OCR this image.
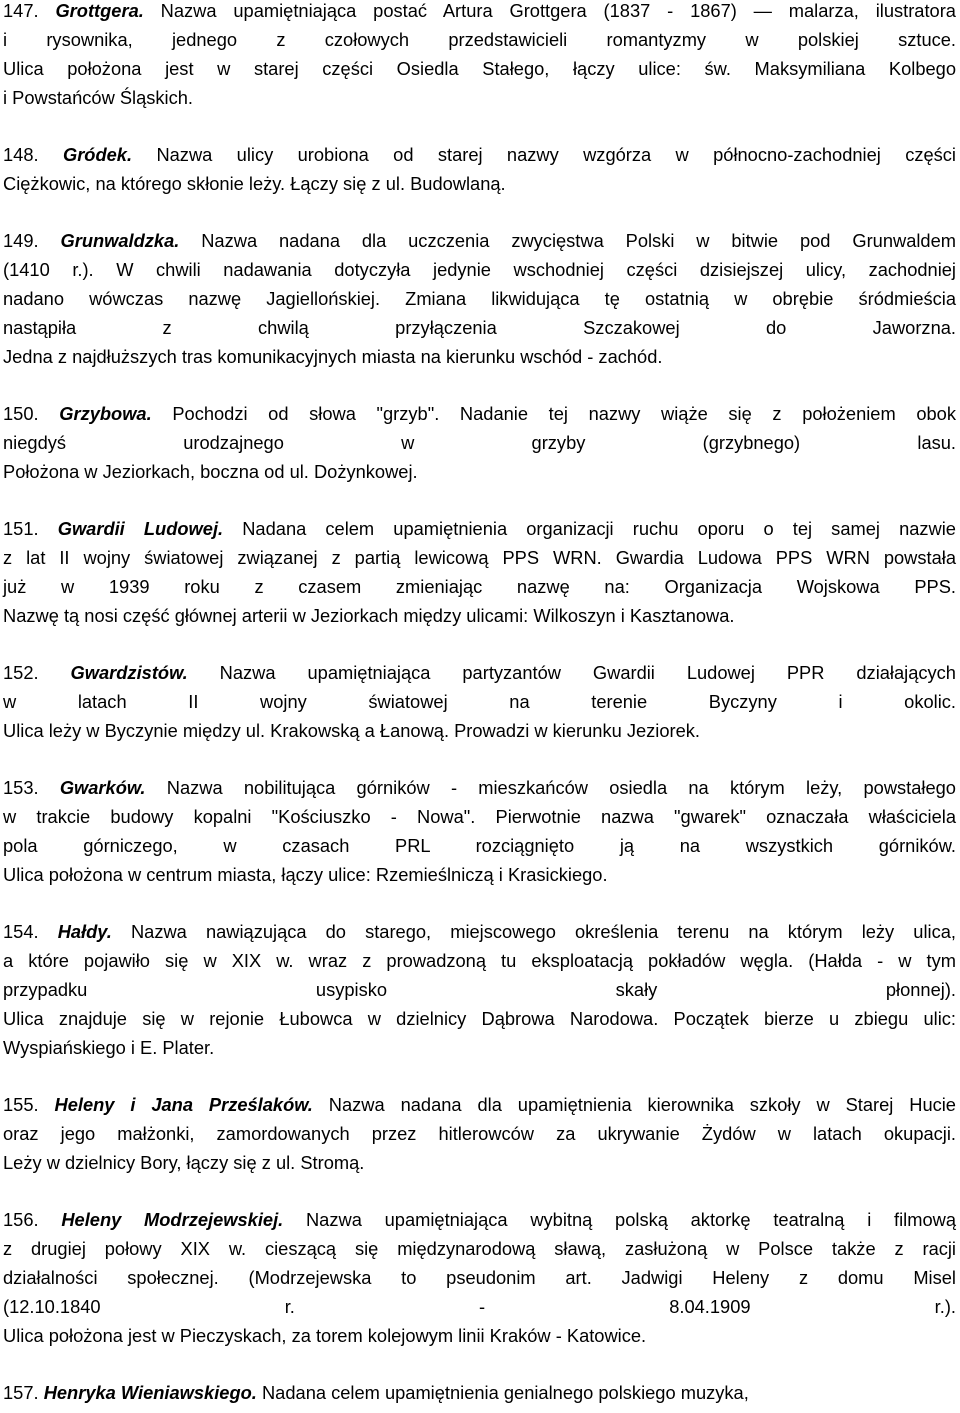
147. Grottgera. Nazwa upamiętniająca postać Artura Grottgera (1837 - 1867) — malarza, ilustratora
i rysownika, jednego z czołowych przedstawicieli romantyzmy w polskiej sztuce.
Ulica położona jest w starej części Osiedla Stałego, łączy ulice: św. Maksymiliana Kolbego
i Powstańców Śląskich.
148. Gródek. Nazwa ulicy urobiona od starej nazwy wzgórza w północno-zachodniej części
Ciężkowic, na którego skłonie leży. Łączy się z ul. Budowlaną.
149. Grunwaldzka. Nazwa nadana dla uczczenia zwycięstwa Polski w bitwie pod Grunwaldem
(1410 r.). W chwili nadawania dotyczyła jedynie wschodniej części dzisiejszej ulicy, zachodniej
nadano wówczas nazwę Jagiellońskiej. Zmiana likwidująca tę ostatnią w obrębie śródmieścia
nastąpiła z chwilą przyłączenia Szczakowej do Jaworzna.
Jedna z najdłuższych tras komunikacyjnych miasta na kierunku wschód - zachód.
150. Grzybowa. Pochodzi od słowa "grzyb". Nadanie tej nazwy wiąże się z położeniem obok
niegdyś urodzajnego w grzyby (grzybnego) lasu.
Położona w Jeziorkach, boczna od ul. Dożynkowej.
151. Gwardii Ludowej. Nadana celem upamiętnienia organizacji ruchu oporu o tej samej nazwie
z lat II wojny światowej związanej z partią lewicową PPS WRN. Gwardia Ludowa PPS WRN powstała
już w 1939 roku z czasem zmieniając nazwę na: Organizacja Wojskowa PPS.
Nazwę tą nosi część głównej arterii w Jeziorkach między ulicami: Wilkoszyn i Kasztanowa.
152. Gwardzistów. Nazwa upamiętniająca partyzantów Gwardii Ludowej PPR działających
w latach II wojny światowej na terenie Byczyny i okolic.
Ulica leży w Byczynie między ul. Krakowską a Łanową. Prowadzi w kierunku Jeziorek.
153. Gwarków. Nazwa nobilitująca górników - mieszkańców osiedla na którym leży, powstałego
w trakcie budowy kopalni "Kościuszko - Nowa". Pierwotnie nazwa "gwarek" oznaczała właściciela
pola górniczego, w czasach PRL rozciągnięto ją na wszystkich górników.
Ulica położona w centrum miasta, łączy ulice: Rzemieślniczą i Krasickiego.
154. Hałdy. Nazwa nawiązująca do starego, miejscowego określenia terenu na którym leży ulica,
a które pojawiło się w XIX w. wraz z prowadzoną tu eksploatacją pokładów węgla. (Hałda - w tym
przypadku usypisko skały płonnej).
Ulica znajduje się w rejonie Łubowca w dzielnicy Dąbrowa Narodowa. Początek bierze u zbiegu ulic:
Wyspiańskiego i E. Plater.
155. Heleny i Jana Prześlaków. Nazwa nadana dla upamiętnienia kierownika szkoły w Starej Hucie
oraz jego małżonki, zamordowanych przez hitlerowców za ukrywanie Żydów w latach okupacji.
Leży w dzielnicy Bory, łączy się z ul. Stromą.
156. Heleny Modrzejewskiej. Nazwa upamiętniająca wybitną polską aktorkę teatralną i filmową
z drugiej połowy XIX w. cieszącą się międzynarodową sławą, zasłużoną w Polsce także z racji
działalności społecznej. (Modrzejewska to pseudonim art. Jadwigi Heleny z domu Misel
(12.10.1840 r. - 8.04.1909 r.).
Ulica położona jest w Pieczyskach, za torem kolejowym linii Kraków - Katowice.
157. Henryka Wieniawskiego. Nadana celem upamiętnienia genialnego polskiego muzyka,
